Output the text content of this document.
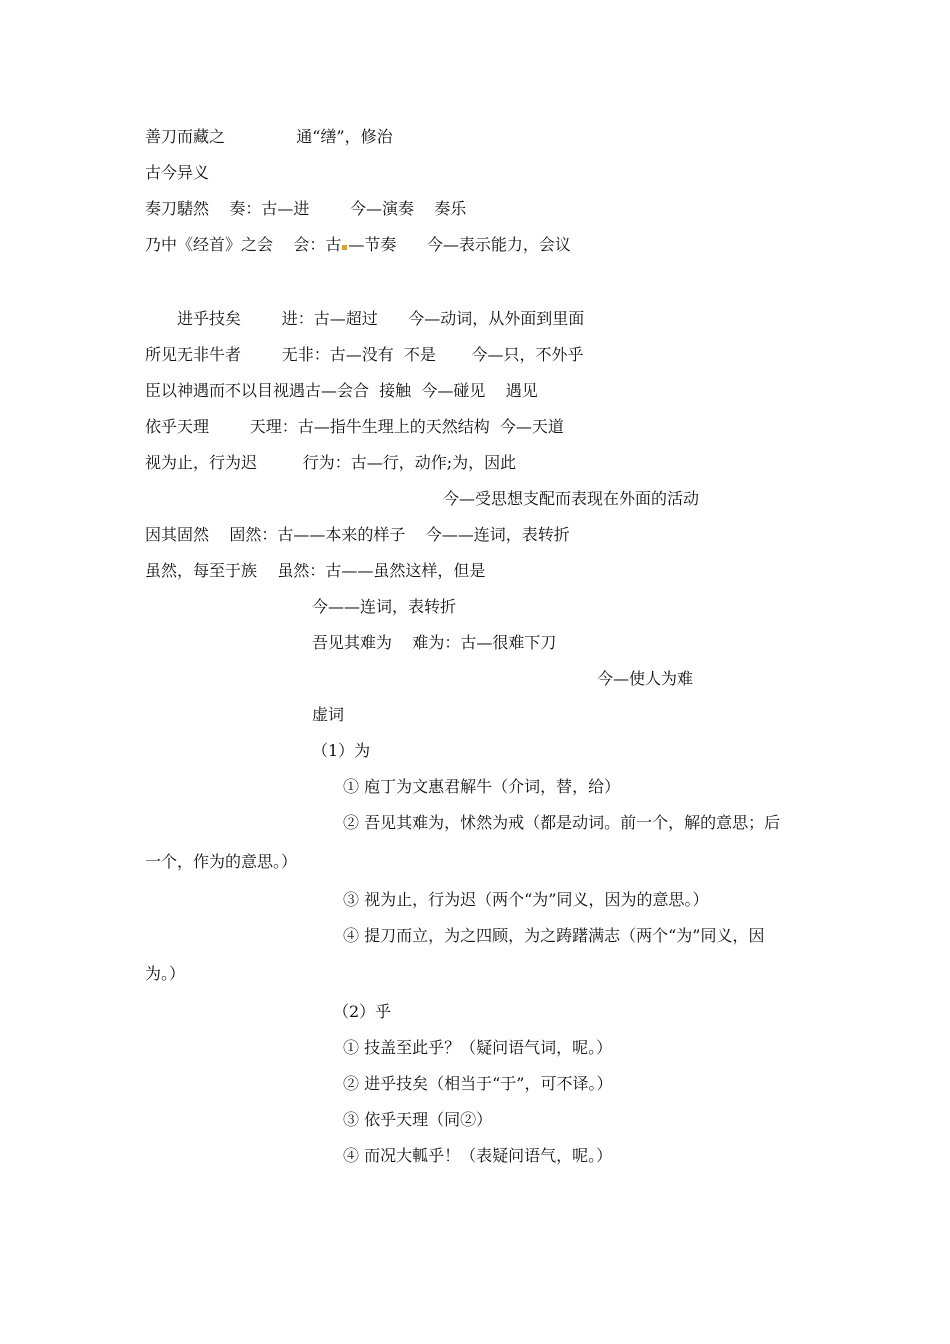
善刀而藏之              通“缮”，修治
古今异义
奏刀騞然    奏：古—进        今—演奏    奏乐
乃中《经首》之会    会：古 —节奏      今—表示能力，会议
进乎技矣        进：古—超过      今—动词，从外面到里面
所见无非牛者        无非：古—没有  不是       今—只，不外乎
臣以神遇而不以目视遇古—会合  接触  今—碰见    遇见
依乎天理        天理：古—指牛生理上的天然结构  今—天道
视为止，行为迟         行为：古—行，动作;为，因此
今—受思想支配而表现在外面的活动
因其固然    固然：古——本来的样子    今——连词，表转折
虽然，每至于族    虽然：古——虽然这样，但是
今——连词，表转折
吾见其难为    难为：古—很难下刀
今—使人为难
虚词
（1）为
① 庖丁为文惠君解牛（介词，替，给）
② 吾见其难为，怵然为戒（都是动词。前一个，解的意思；后
一个，作为的意思。）
③ 视为止，行为迟（两个“为”同义，因为的意思。）
④ 提刀而立，为之四顾，为之踌躇满志（两个“为”同义，因
为。）
（2）乎
① 技盖至此乎？（疑问语气词，呢。）
② 进乎技矣（相当于“于”，可不译。）
③ 依乎天理（同②）
④ 而况大軱乎！（表疑问语气，呢。）
